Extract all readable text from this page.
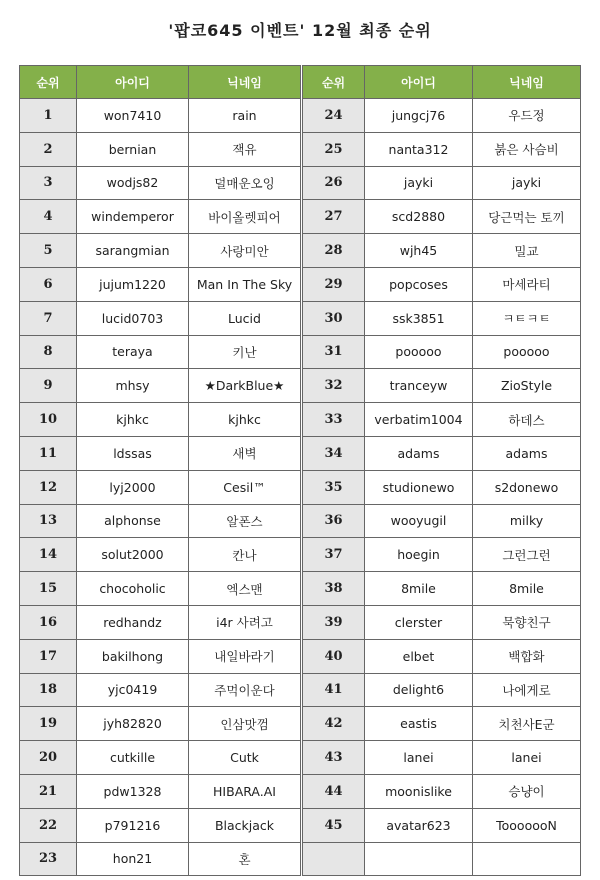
'팝코645 이벤트' 12월 최종 순위
순위	아이디	닉네임
1	won7410	rain
2	bernian	잭유
3	wodjs82	덜매운오잉
4	windemperor	바이올렛피어
5	sarangmian	사랑미안
6	jujum1220	Man In The Sky
7	lucid0703	Lucid
8	teraya	키난
9	mhsy	★DarkBlue★
10	kjhkc	kjhkc
11	ldssas	새벽
12	lyj2000	Cesil™
13	alphonse	알폰스
14	solut2000	칸나
15	chocoholic	엑스맨
16	redhandz	i4r 사려고
17	bakilhong	내일바라기
18	yjc0419	주먹이운다
19	jyh82820	인삼맛껌
20	cutkille	Cutk
21	pdw1328	HIBARA.AI
22	p791216	Blackjack
23	hon21	혼
순위	아이디	닉네임
24	jungcj76	우드정
25	nanta312	붉은 사슴비
26	jayki	jayki
27	scd2880	당근먹는 토끼
28	wjh45	밀교
29	popcoses	마세라티
30	ssk3851	ㅋㅌㅋㅌ
31	pooooo	pooooo
32	tranceyw	ZioStyle
33	verbatim1004	하데스
34	adams	adams
35	studionewo	s2donewo
36	wooyugil	milky
37	hoegin	그런그런
38	8mile	8mile
39	clerster	묵향친구
40	elbet	백합화
41	delight6	나에게로
42	eastis	치천사E군
43	lanei	lanei
44	moonislike	승냥이
45	avatar623	TooooooN
